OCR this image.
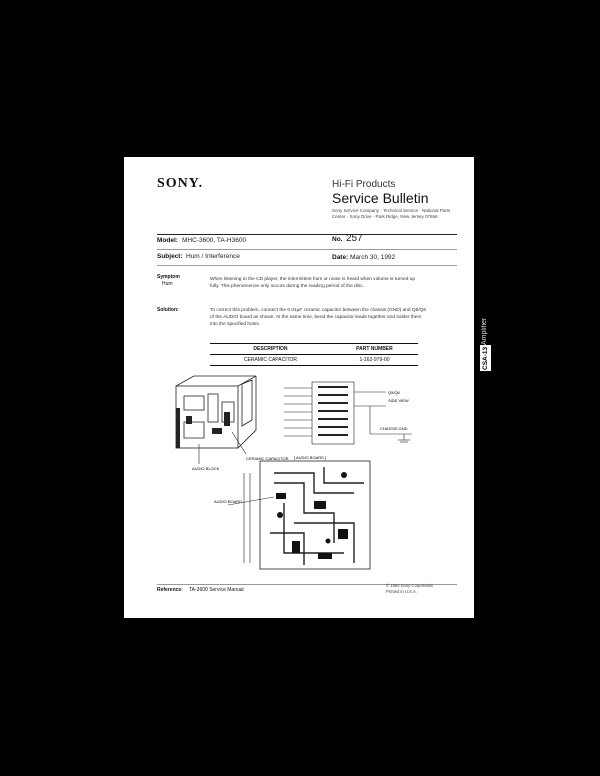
SONY.	Hi-Fi Products
Service Bulletin
Sony Service Company · Technical Service · National Parts Center · Sony Drive · Park Ridge, New Jersey 07656
Model: MHC-3600, TA-H3600	No. 257
Subject: Hum / Interference	Date: March 30, 1992
Symptom
Hum
When listening to the CD player, the intermittent hum or noise is heard when volume is turned up fully. This phenomenon only occurs during the reading period of the disc.
Solution:	To correct this problem, connect the 0.01µF ceramic capacitor between the chassis (GND) and Q5/Q6 of the AUDIO board as shown. At the same time, bend the capacitor leads together and solder them into the specified holes.
DESCRIPTION	PART NUMBER
CERAMIC CAPACITOR	1-162-979-00
CERAMIC CAPACITOR
AUDIO BLOCK
Q5/Q6
SIDE VIEW
CHASSIS GND
[ AUDIO BOARD ]
AUDIO BOARD
Reference: TA-3600 Service Manual
© 1992 Sony Corporation
Printed in U.S.A.
Amplifier
CSA-13
